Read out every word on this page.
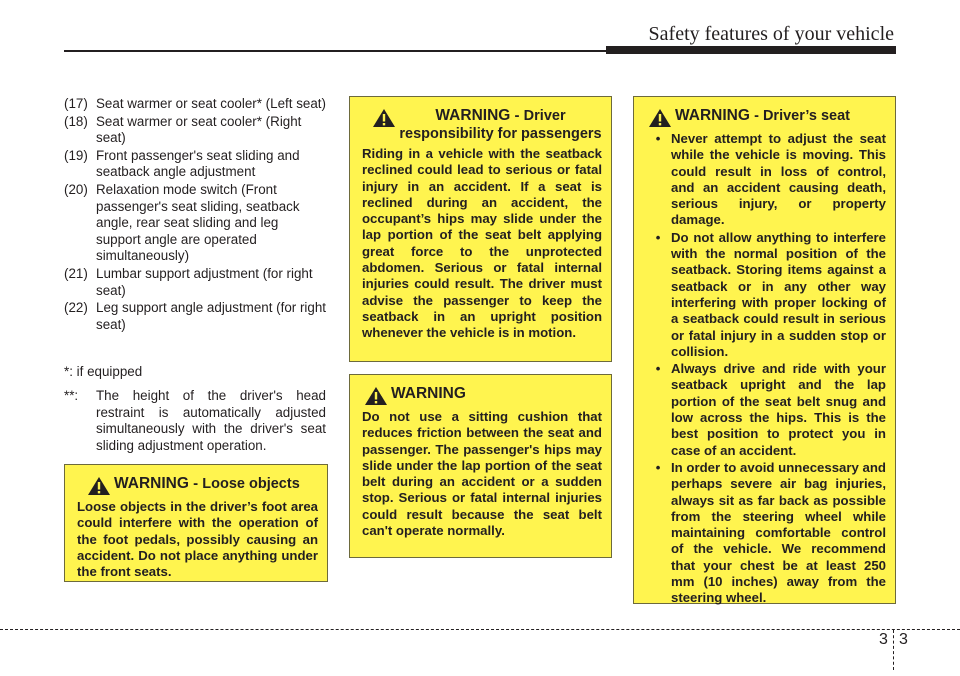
Safety features of your vehicle
(17) Seat warmer or seat cooler* (Left seat)
(18) Seat warmer or seat cooler* (Right seat)
(19) Front passenger's seat sliding and seatback angle adjustment
(20) Relaxation mode switch (Front passenger's seat sliding, seatback angle, rear seat sliding and leg support angle are operated simultaneously)
(21) Lumbar support adjustment (for right seat)
(22) Leg support angle adjustment (for right seat)
*: if equipped
**:	The height of the driver's head restraint is automatically adjusted simultaneously with the driver's seat sliding adjustment operation.
WARNING - Loose objects
Loose objects in the driver’s foot area could interfere with the operation of the foot pedals, possibly causing an accident. Do not place anything under the front seats.
WARNING - Driver responsibility for passengers
Riding in a vehicle with the seatback reclined could lead to serious or fatal injury in an accident. If a seat is reclined during an accident, the occupant’s hips may slide under the lap portion of the seat belt applying great force to the unprotected abdomen. Serious or fatal internal injuries could result. The driver must advise the passenger to keep the seatback in an upright position whenever the vehicle is in motion.
WARNING
Do not use a sitting cushion that reduces friction between the seat and passenger. The passenger's hips may slide under the lap portion of the seat belt during an accident or a sudden stop. Serious or fatal internal injuries could result because the seat belt can't operate normally.
WARNING - Driver’s seat
• Never attempt to adjust the seat while the vehicle is moving. This could result in loss of control, and an accident causing death, serious injury, or property damage.
• Do not allow anything to interfere with the normal position of the seatback. Storing items against a seatback or in any other way interfering with proper locking of a seatback could result in serious or fatal injury in a sudden stop or collision.
• Always drive and ride with your seatback upright and the lap portion of the seat belt snug and low across the hips. This is the best position to protect you in case of an accident.
• In order to avoid unnecessary and perhaps severe air bag injuries, always sit as far back as possible from the steering wheel while maintaining comfortable control of the vehicle. We recommend that your chest be at least 250 mm (10 inches) away from the steering wheel.
3 3
